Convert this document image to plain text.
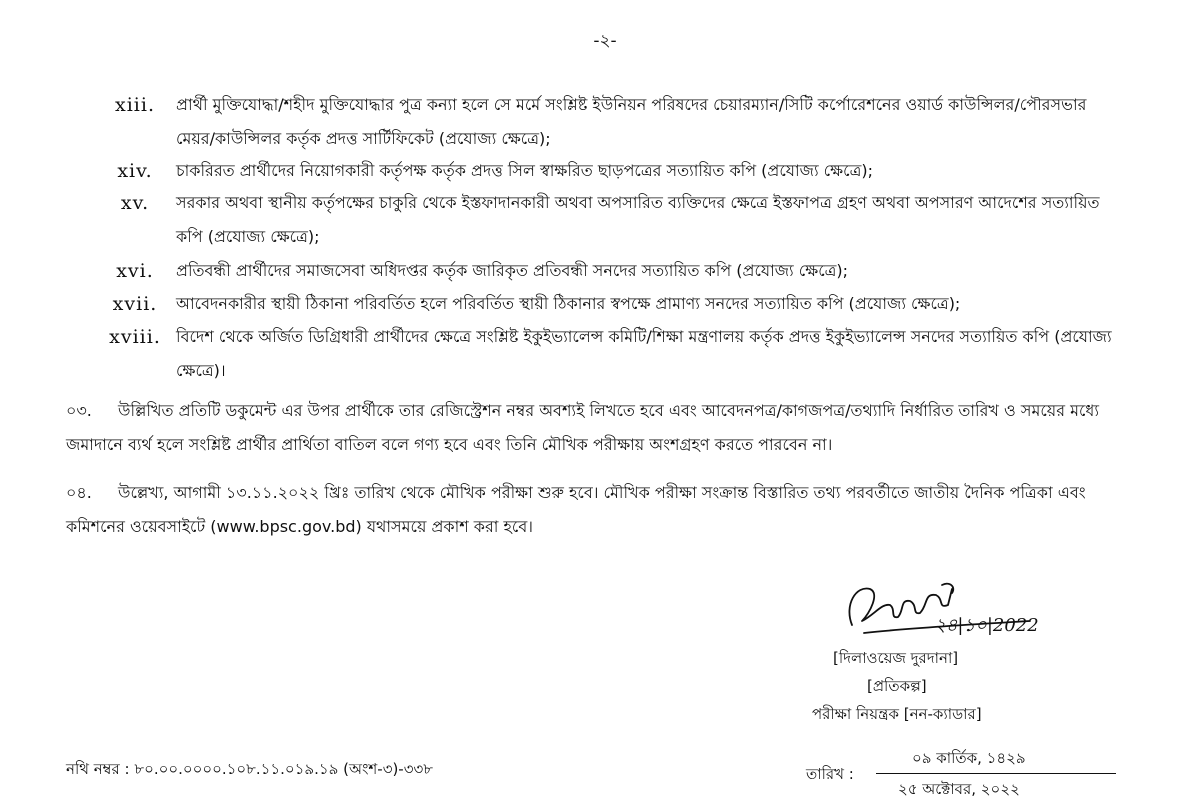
-২-
xiii.	প্রার্থী মুক্তিযোদ্ধা/শহীদ মুক্তিযোদ্ধার পুত্র কন্যা হলে সে মর্মে সংশ্লিষ্ট ইউনিয়ন পরিষদের চেয়ারম্যান/সিটি কর্পোরেশনের ওয়ার্ড কাউন্সিলর/পৌরসভার মেয়র/কাউন্সিলর কর্তৃক প্রদত্ত সার্টিফিকেট (প্রযোজ্য ক্ষেত্রে);
xiv.	চাকরিরত প্রার্থীদের নিয়োগকারী কর্তৃপক্ষ কর্তৃক প্রদত্ত সিল স্বাক্ষরিত ছাড়পত্রের সত্যায়িত কপি (প্রযোজ্য ক্ষেত্রে);
xv.	সরকার অথবা স্থানীয় কর্তৃপক্ষের চাকুরি থেকে ইস্তফাদানকারী অথবা অপসারিত ব্যক্তিদের ক্ষেত্রে ইস্তফাপত্র গ্রহণ অথবা অপসারণ আদেশের সত্যায়িত কপি (প্রযোজ্য ক্ষেত্রে);
xvi.	প্রতিবন্ধী প্রার্থীদের সমাজসেবা অধিদপ্তর কর্তৃক জারিকৃত প্রতিবন্ধী সনদের সত্যায়িত কপি (প্রযোজ্য ক্ষেত্রে);
xvii.	আবেদনকারীর স্থায়ী ঠিকানা পরিবর্তিত হলে পরিবর্তিত স্থায়ী ঠিকানার স্বপক্ষে প্রামাণ্য সনদের সত্যায়িত কপি (প্রযোজ্য ক্ষেত্রে);
xviii. বিদেশ থেকে অর্জিত ডিগ্রিধারী প্রার্থীদের ক্ষেত্রে সংশ্লিষ্ট ইকুইভ্যালেন্স কমিটি/শিক্ষা মন্ত্রণালয় কর্তৃক প্রদত্ত ইকুইভ্যালেন্স সনদের সত্যায়িত কপি (প্রযোজ্য ক্ষেত্রে)।
০৩. উল্লিখিত প্রতিটি ডকুমেন্ট এর উপর প্রার্থীকে তার রেজিস্ট্রেশন নম্বর অবশ্যই লিখতে হবে এবং আবেদনপত্র/কাগজপত্র/তথ্যাদি নির্ধারিত তারিখ ও সময়ের মধ্যে জমাদানে ব্যর্থ হলে সংশ্লিষ্ট প্রার্থীর প্রার্থিতা বাতিল বলে গণ্য হবে এবং তিনি মৌখিক পরীক্ষায় অংশগ্রহণ করতে পারবেন না।
০৪. উল্লেখ্য, আগামী ১৩.১১.২০২২ খ্রিঃ তারিখ থেকে মৌখিক পরীক্ষা শুরু হবে। মৌখিক পরীক্ষা সংক্রান্ত বিস্তারিত তথ্য পরবর্তীতে জাতীয় দৈনিক পত্রিকা এবং কমিশনের ওয়েবসাইটে (www.bpsc.gov.bd) যথাসময়ে প্রকাশ করা হবে।
২৪|১০|2022
[দিলাওয়েজ দুরদানা]
[প্রতিকল্প]
পরীক্ষা নিয়ন্ত্রক [নন-ক্যাডার]
নথি নম্বর : ৮০.০০.০০০০.১০৮.১১.০১৯.১৯ (অংশ-৩)-৩৩৮	তারিখ :
০৯ কার্তিক, ১৪২৯
২৫ অক্টোবর, ২০২২
